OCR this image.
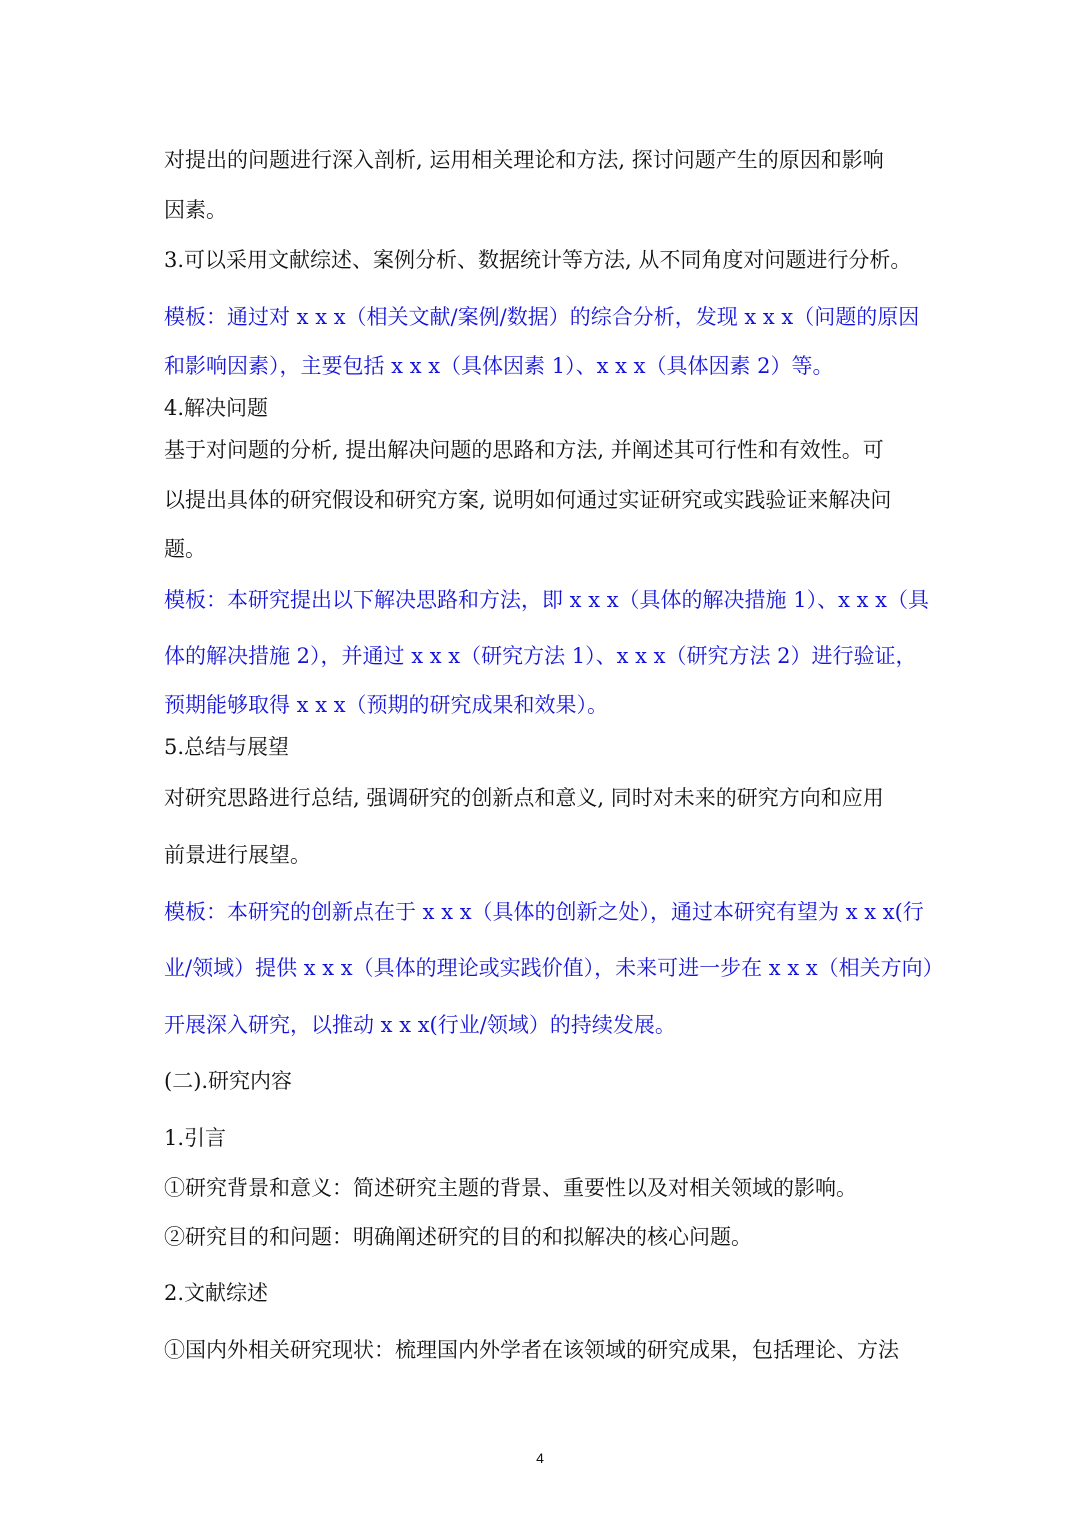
对提出的问题进行深入剖析, 运用相关理论和方法, 探讨问题产生的原因和影响
因素。
3.可以采用文献综述、案例分析、数据统计等方法, 从不同角度对问题进行分析。
模板：通过对 x x x（相关文献/案例/数据）的综合分析，发现 x x x（问题的原因
和影响因素），主要包括 x x x（具体因素 1）、x x x（具体因素 2）等。
4.解决问题
基于对问题的分析, 提出解决问题的思路和方法, 并阐述其可行性和有效性。可
以提出具体的研究假设和研究方案, 说明如何通过实证研究或实践验证来解决问
题。
模板：本研究提出以下解决思路和方法，即 x x x（具体的解决措施 1）、x x x（具
体的解决措施 2），并通过 x x x（研究方法 1）、x x x（研究方法 2）进行验证，
预期能够取得 x x x（预期的研究成果和效果）。
5.总结与展望
对研究思路进行总结, 强调研究的创新点和意义, 同时对未来的研究方向和应用
前景进行展望。
模板：本研究的创新点在于 x x x（具体的创新之处），通过本研究有望为 x x x(行
业/领域）提供 x x x（具体的理论或实践价值），未来可进一步在 x x x（相关方向）
开展深入研究，以推动 x x x(行业/领域）的持续发展。
(二).研究内容
1.引言
①研究背景和意义：简述研究主题的背景、重要性以及对相关领域的影响。
②研究目的和问题：明确阐述研究的目的和拟解决的核心问题。
2.文献综述
①国内外相关研究现状：梳理国内外学者在该领域的研究成果，包括理论、方法
4
